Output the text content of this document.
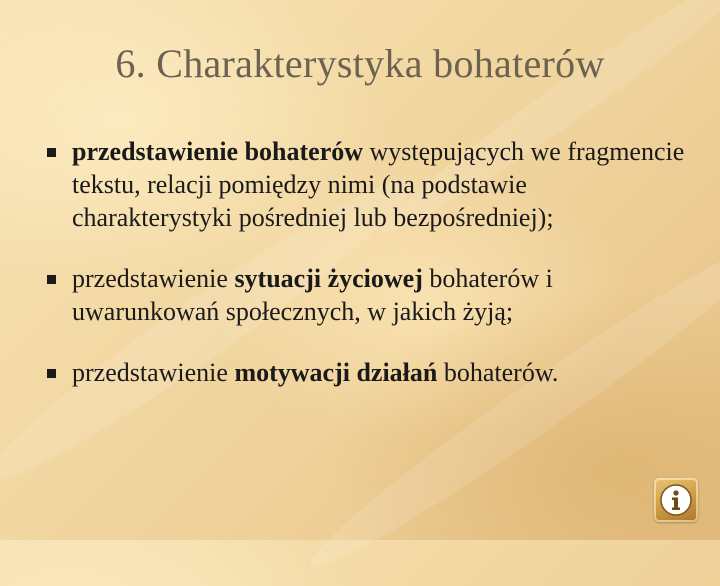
6. Charakterystyka bohaterów
przedstawienie bohaterów występujących we fragmencie tekstu, relacji pomiędzy nimi (na podstawie charakterystyki pośredniej lub bezpośredniej);
przedstawienie sytuacji życiowej bohaterów i uwarunkowań społecznych, w jakich żyją;
przedstawienie motywacji działań bohaterów.
